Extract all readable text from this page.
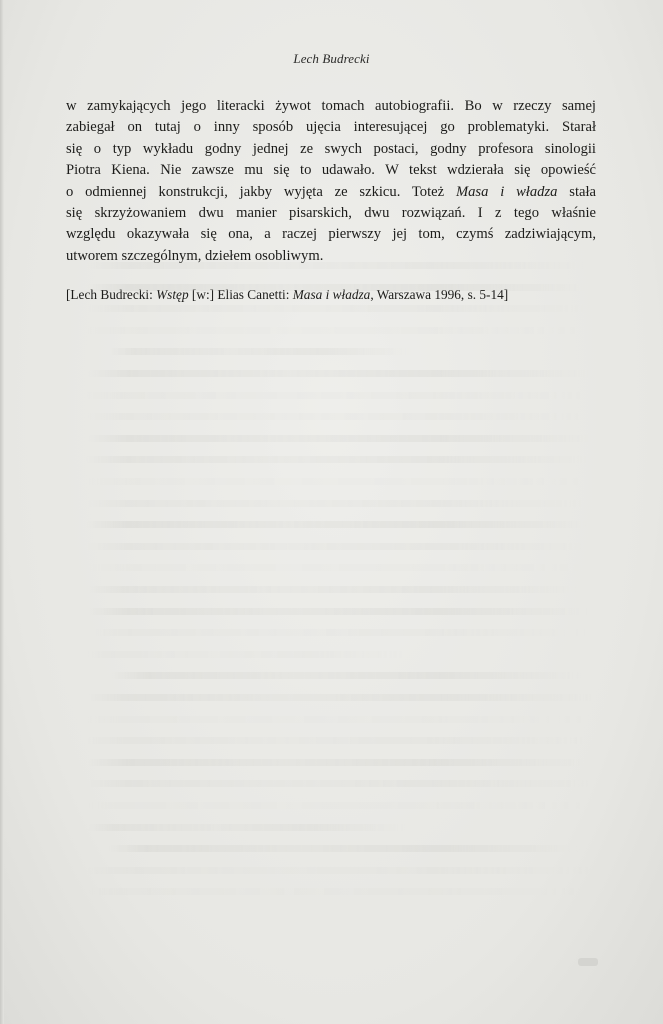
Lech Budrecki
w zamykających jego literacki żywot tomach autobiografii. Bo w rzeczy samej
zabiegał on tutaj o inny sposób ujęcia interesującej go problematyki. Starał
się o typ wykładu godny jednej ze swych postaci, godny profesora sinologii
Piotra Kiena. Nie zawsze mu się to udawało. W tekst wdzierała się opowieść
o odmiennej konstrukcji, jakby wyjęta ze szkicu. Toteż Masa i władza stała
się skrzyżowaniem dwu manier pisarskich, dwu rozwiązań. I z tego właśnie
względu okazywała się ona, a raczej pierwszy jej tom, czymś zadziwiającym,
utworem szczególnym, dziełem osobliwym.
[Lech Budrecki: Wstęp [w:] Elias Canetti: Masa i władza, Warszawa 1996, s. 5-14]
